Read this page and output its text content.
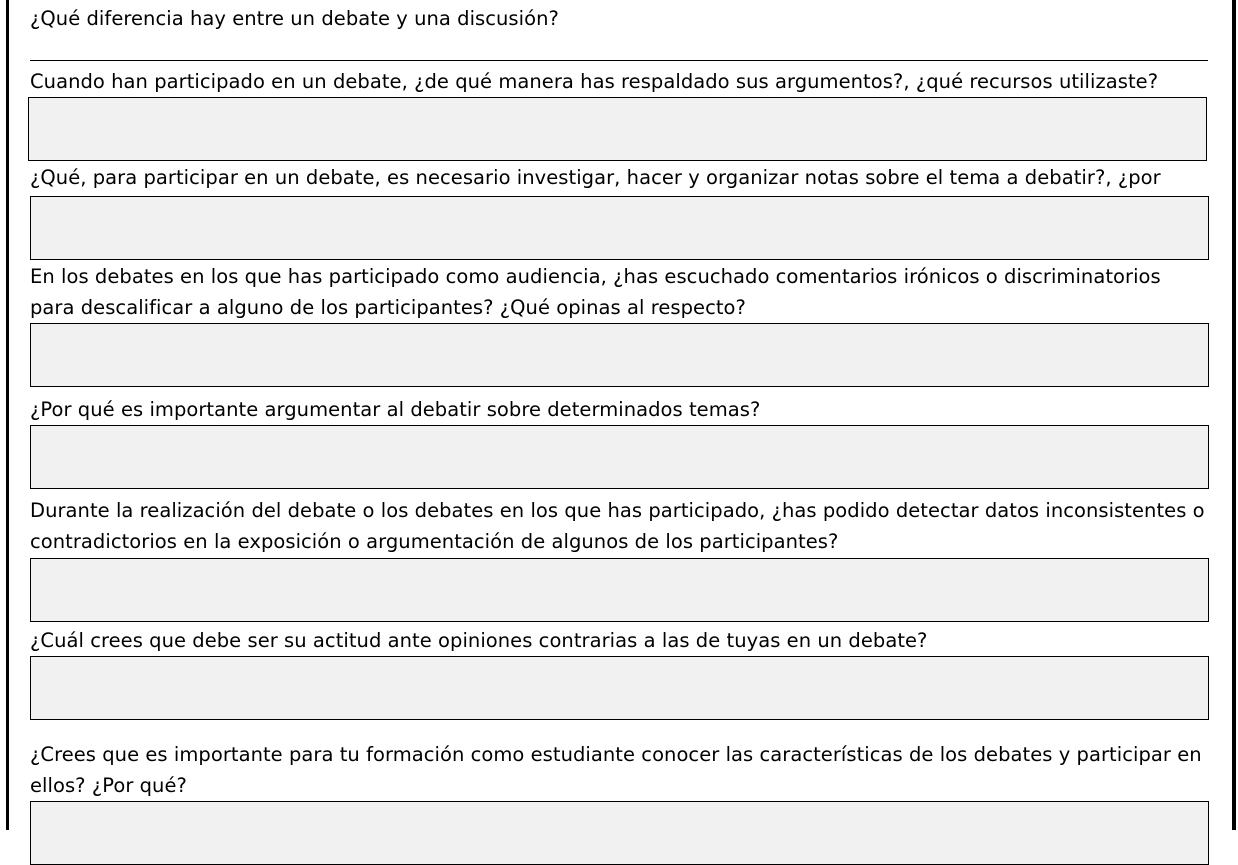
¿Qué diferencia hay entre un debate y una discusión?
Cuando han participado en un debate, ¿de qué manera has respaldado sus argumentos?, ¿qué recursos utilizaste?
¿Qué, para participar en un debate, es necesario investigar, hacer y organizar notas sobre el tema a debatir?, ¿por
En los debates en los que has participado como audiencia, ¿has escuchado comentarios irónicos o discriminatorios para descalificar a alguno de los participantes? ¿Qué opinas al respecto?
¿Por qué es importante argumentar al debatir sobre determinados temas?
Durante la realización del debate o los debates en los que has participado, ¿has podido detectar datos inconsistentes o contradictorios en la exposición o argumentación de algunos de los participantes?
¿Cuál crees que debe ser su actitud ante opiniones contrarias a las de tuyas en un debate?
¿Crees que es importante para tu formación como estudiante conocer las características de los debates y participar en ellos? ¿Por qué?
